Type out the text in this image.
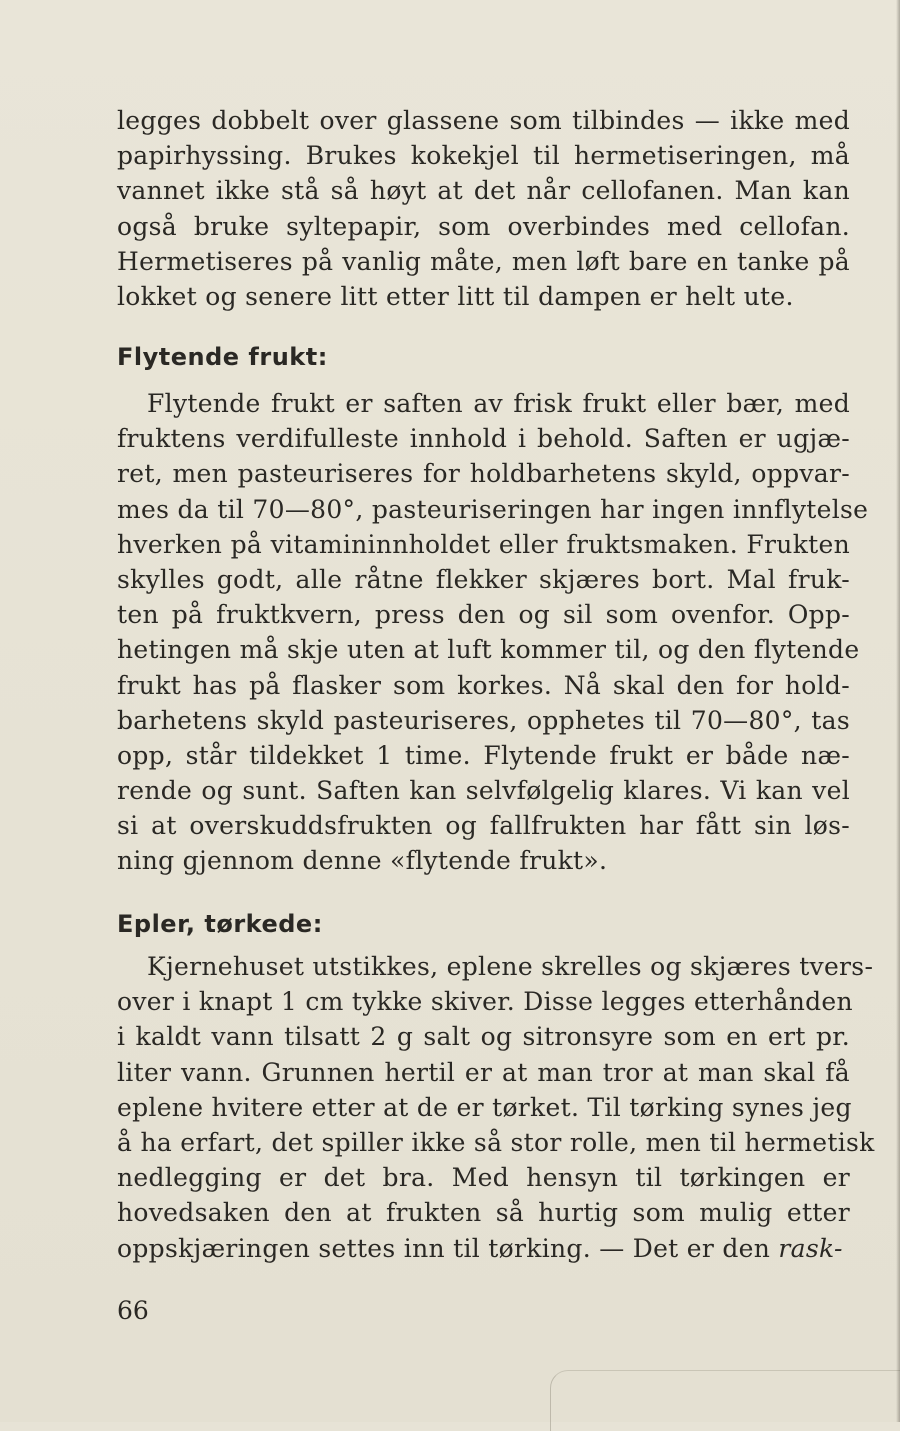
legges dobbelt over glassene som tilbindes — ikke med
papirhyssing. Brukes kokekjel til hermetiseringen, må
vannet ikke stå så høyt at det når cellofanen. Man kan
også bruke syltepapir, som overbindes med cellofan.
Hermetiseres på vanlig måte, men løft bare en tanke på
lokket og senere litt etter litt til dampen er helt ute.
Flytende frukt:
Flytende frukt er saften av frisk frukt eller bær, med
fruktens verdifulleste innhold i behold. Saften er ugjæ-
ret, men pasteuriseres for holdbarhetens skyld, oppvar-
mes da til 70—80°, pasteuriseringen har ingen innflytelse
hverken på vitamininnholdet eller fruktsmaken. Frukten
skylles godt, alle råtne flekker skjæres bort. Mal fruk-
ten på fruktkvern, press den og sil som ovenfor. Opp-
hetingen må skje uten at luft kommer til, og den flytende
frukt has på flasker som korkes. Nå skal den for hold-
barhetens skyld pasteuriseres, opphetes til 70—80°, tas
opp, står tildekket 1 time. Flytende frukt er både næ-
rende og sunt. Saften kan selvfølgelig klares. Vi kan vel
si at overskuddsfrukten og fallfrukten har fått sin løs-
ning gjennom denne «flytende frukt».
Epler, tørkede:
Kjernehuset utstikkes, eplene skrelles og skjæres tvers-
over i knapt 1 cm tykke skiver. Disse legges etterhånden
i kaldt vann tilsatt 2 g salt og sitronsyre som en ert pr.
liter vann. Grunnen hertil er at man tror at man skal få
eplene hvitere etter at de er tørket. Til tørking synes jeg
å ha erfart, det spiller ikke så stor rolle, men til hermetisk
nedlegging er det bra. Med hensyn til tørkingen er
hovedsaken den at frukten så hurtig som mulig etter
oppskjæringen settes inn til tørking. — Det er den rask-
66
